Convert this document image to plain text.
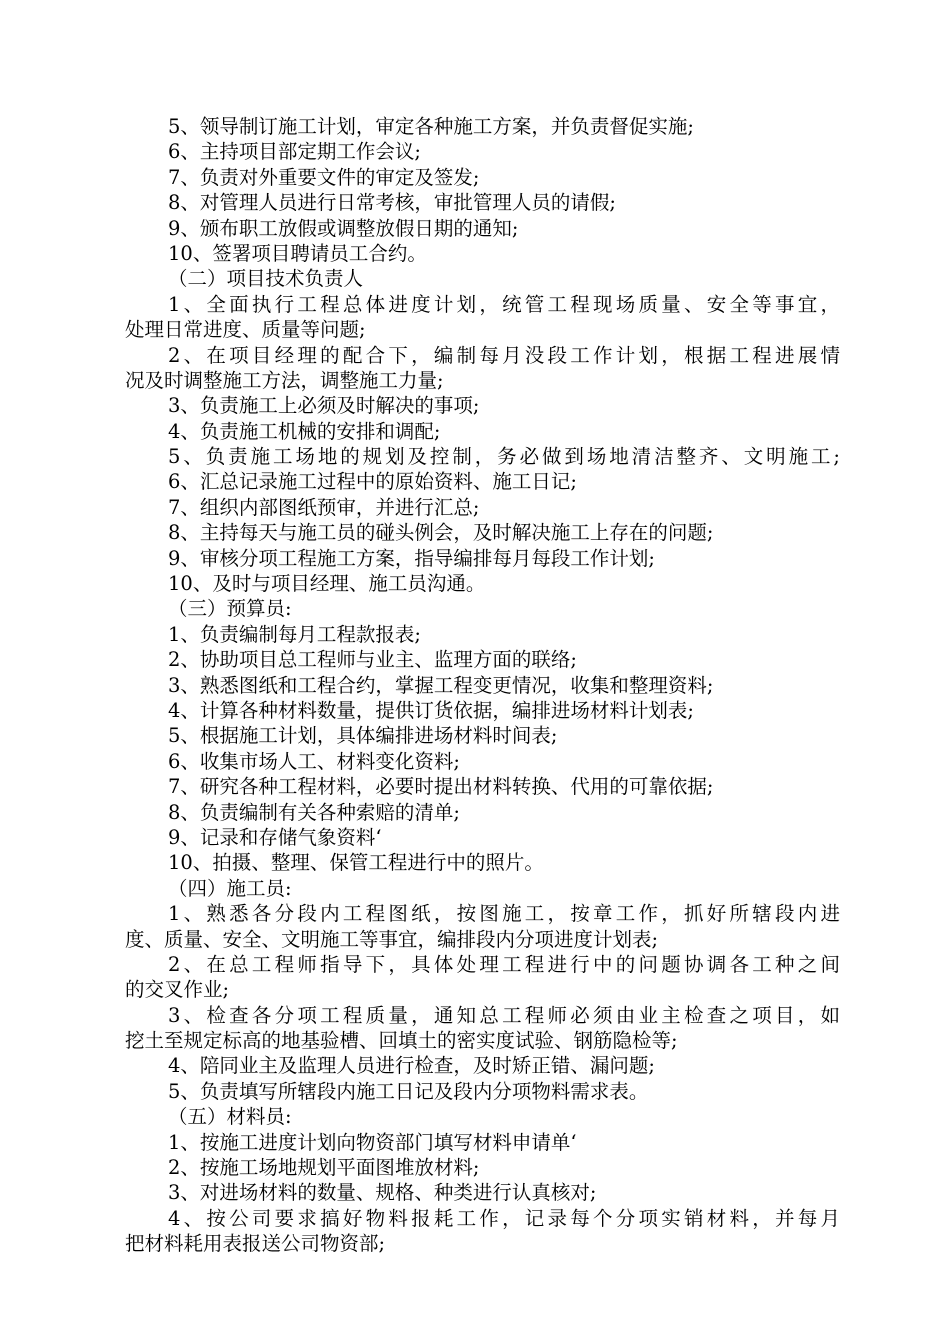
5、领导制订施工计划，审定各种施工方案，并负责督促实施;
6、主持项目部定期工作会议;
7、负责对外重要文件的审定及签发;
8、对管理人员进行日常考核，审批管理人员的请假;
9、颁布职工放假或调整放假日期的通知;
10、签署项目聘请员工合约。
（二）项目技术负责人
1、全面执行工程总体进度计划，统管工程现场质量、安全等事宜，
处理日常进度、质量等问题;
2、在项目经理的配合下，编制每月没段工作计划，根据工程进展情
况及时调整施工方法，调整施工力量;
3、负责施工上必须及时解决的事项;
4、负责施工机械的安排和调配;
5、负责施工场地的规划及控制，务必做到场地清洁整齐、文明施工;
6、汇总记录施工过程中的原始资料、施工日记;
7、组织内部图纸预审，并进行汇总;
8、主持每天与施工员的碰头例会，及时解决施工上存在的问题;
9、审核分项工程施工方案，指导编排每月每段工作计划;
10、及时与项目经理、施工员沟通。
（三）预算员:
1、负责编制每月工程款报表;
2、协助项目总工程师与业主、监理方面的联络;
3、熟悉图纸和工程合约，掌握工程变更情况，收集和整理资料;
4、计算各种材料数量，提供订货依据，编排进场材料计划表;
5、根据施工计划，具体编排进场材料时间表;
6、收集市场人工、材料变化资料;
7、研究各种工程材料，必要时提出材料转换、代用的可靠依据;
8、负责编制有关各种索赔的清单;
9、记录和存储气象资料‘
10、拍摄、整理、保管工程进行中的照片。
（四）施工员:
1、熟悉各分段内工程图纸，按图施工，按章工作，抓好所辖段内进
度、质量、安全、文明施工等事宜，编排段内分项进度计划表;
2、在总工程师指导下，具体处理工程进行中的问题协调各工种之间
的交叉作业;
3、检查各分项工程质量，通知总工程师必须由业主检查之项目，如
挖土至规定标高的地基验槽、回填土的密实度试验、钢筋隐检等;
4、陪同业主及监理人员进行检查，及时矫正错、漏问题;
5、负责填写所辖段内施工日记及段内分项物料需求表。
（五）材料员:
1、按施工进度计划向物资部门填写材料申请单‘
2、按施工场地规划平面图堆放材料;
3、对进场材料的数量、规格、种类进行认真核对;
4、按公司要求搞好物料报耗工作，记录每个分项实销材料，并每月
把材料耗用表报送公司物资部;
